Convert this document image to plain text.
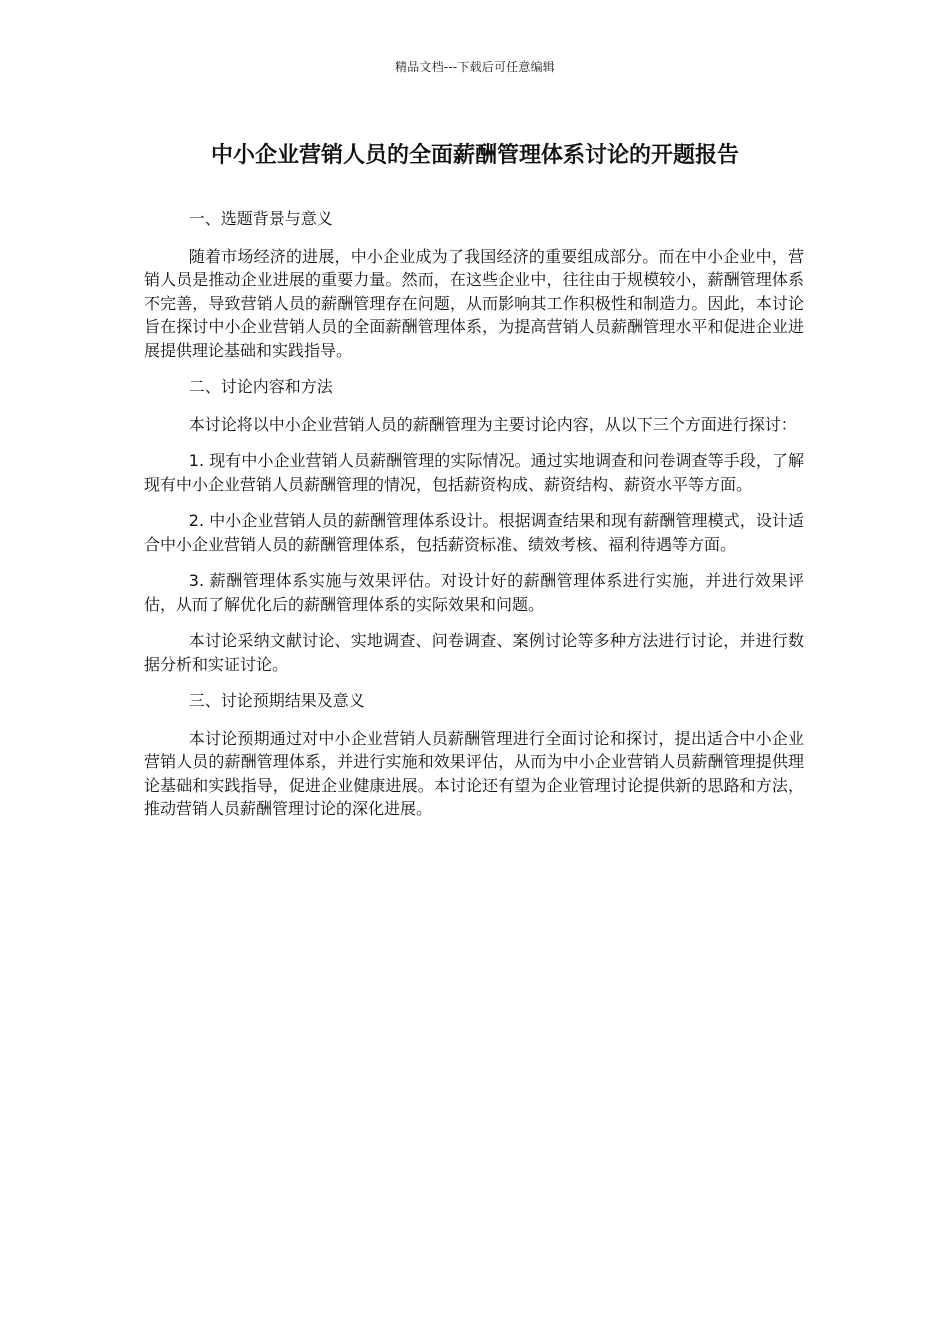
精品文档---下载后可任意编辑
中小企业营销人员的全面薪酬管理体系讨论的开题报告

一、选题背景与意义

随着市场经济的进展，中小企业成为了我国经济的重要组成部分。而在中小企业中，营销人员是推动企业进展的重要力量。然而，在这些企业中，往往由于规模较小，薪酬管理体系不完善，导致营销人员的薪酬管理存在问题，从而影响其工作积极性和制造力。因此，本讨论旨在探讨中小企业营销人员的全面薪酬管理体系，为提高营销人员薪酬管理水平和促进企业进展提供理论基础和实践指导。

二、讨论内容和方法

本讨论将以中小企业营销人员的薪酬管理为主要讨论内容，从以下三个方面进行探讨：

1. 现有中小企业营销人员薪酬管理的实际情况。通过实地调查和问卷调查等手段，了解现有中小企业营销人员薪酬管理的情况，包括薪资构成、薪资结构、薪资水平等方面。

2. 中小企业营销人员的薪酬管理体系设计。根据调查结果和现有薪酬管理模式，设计适合中小企业营销人员的薪酬管理体系，包括薪资标准、绩效考核、福利待遇等方面。

3. 薪酬管理体系实施与效果评估。对设计好的薪酬管理体系进行实施，并进行效果评估，从而了解优化后的薪酬管理体系的实际效果和问题。

本讨论采纳文献讨论、实地调查、问卷调查、案例讨论等多种方法进行讨论，并进行数据分析和实证讨论。

三、讨论预期结果及意义

本讨论预期通过对中小企业营销人员薪酬管理进行全面讨论和探讨，提出适合中小企业营销人员的薪酬管理体系，并进行实施和效果评估，从而为中小企业营销人员薪酬管理提供理论基础和实践指导，促进企业健康进展。本讨论还有望为企业管理讨论提供新的思路和方法，推动营销人员薪酬管理讨论的深化进展。
